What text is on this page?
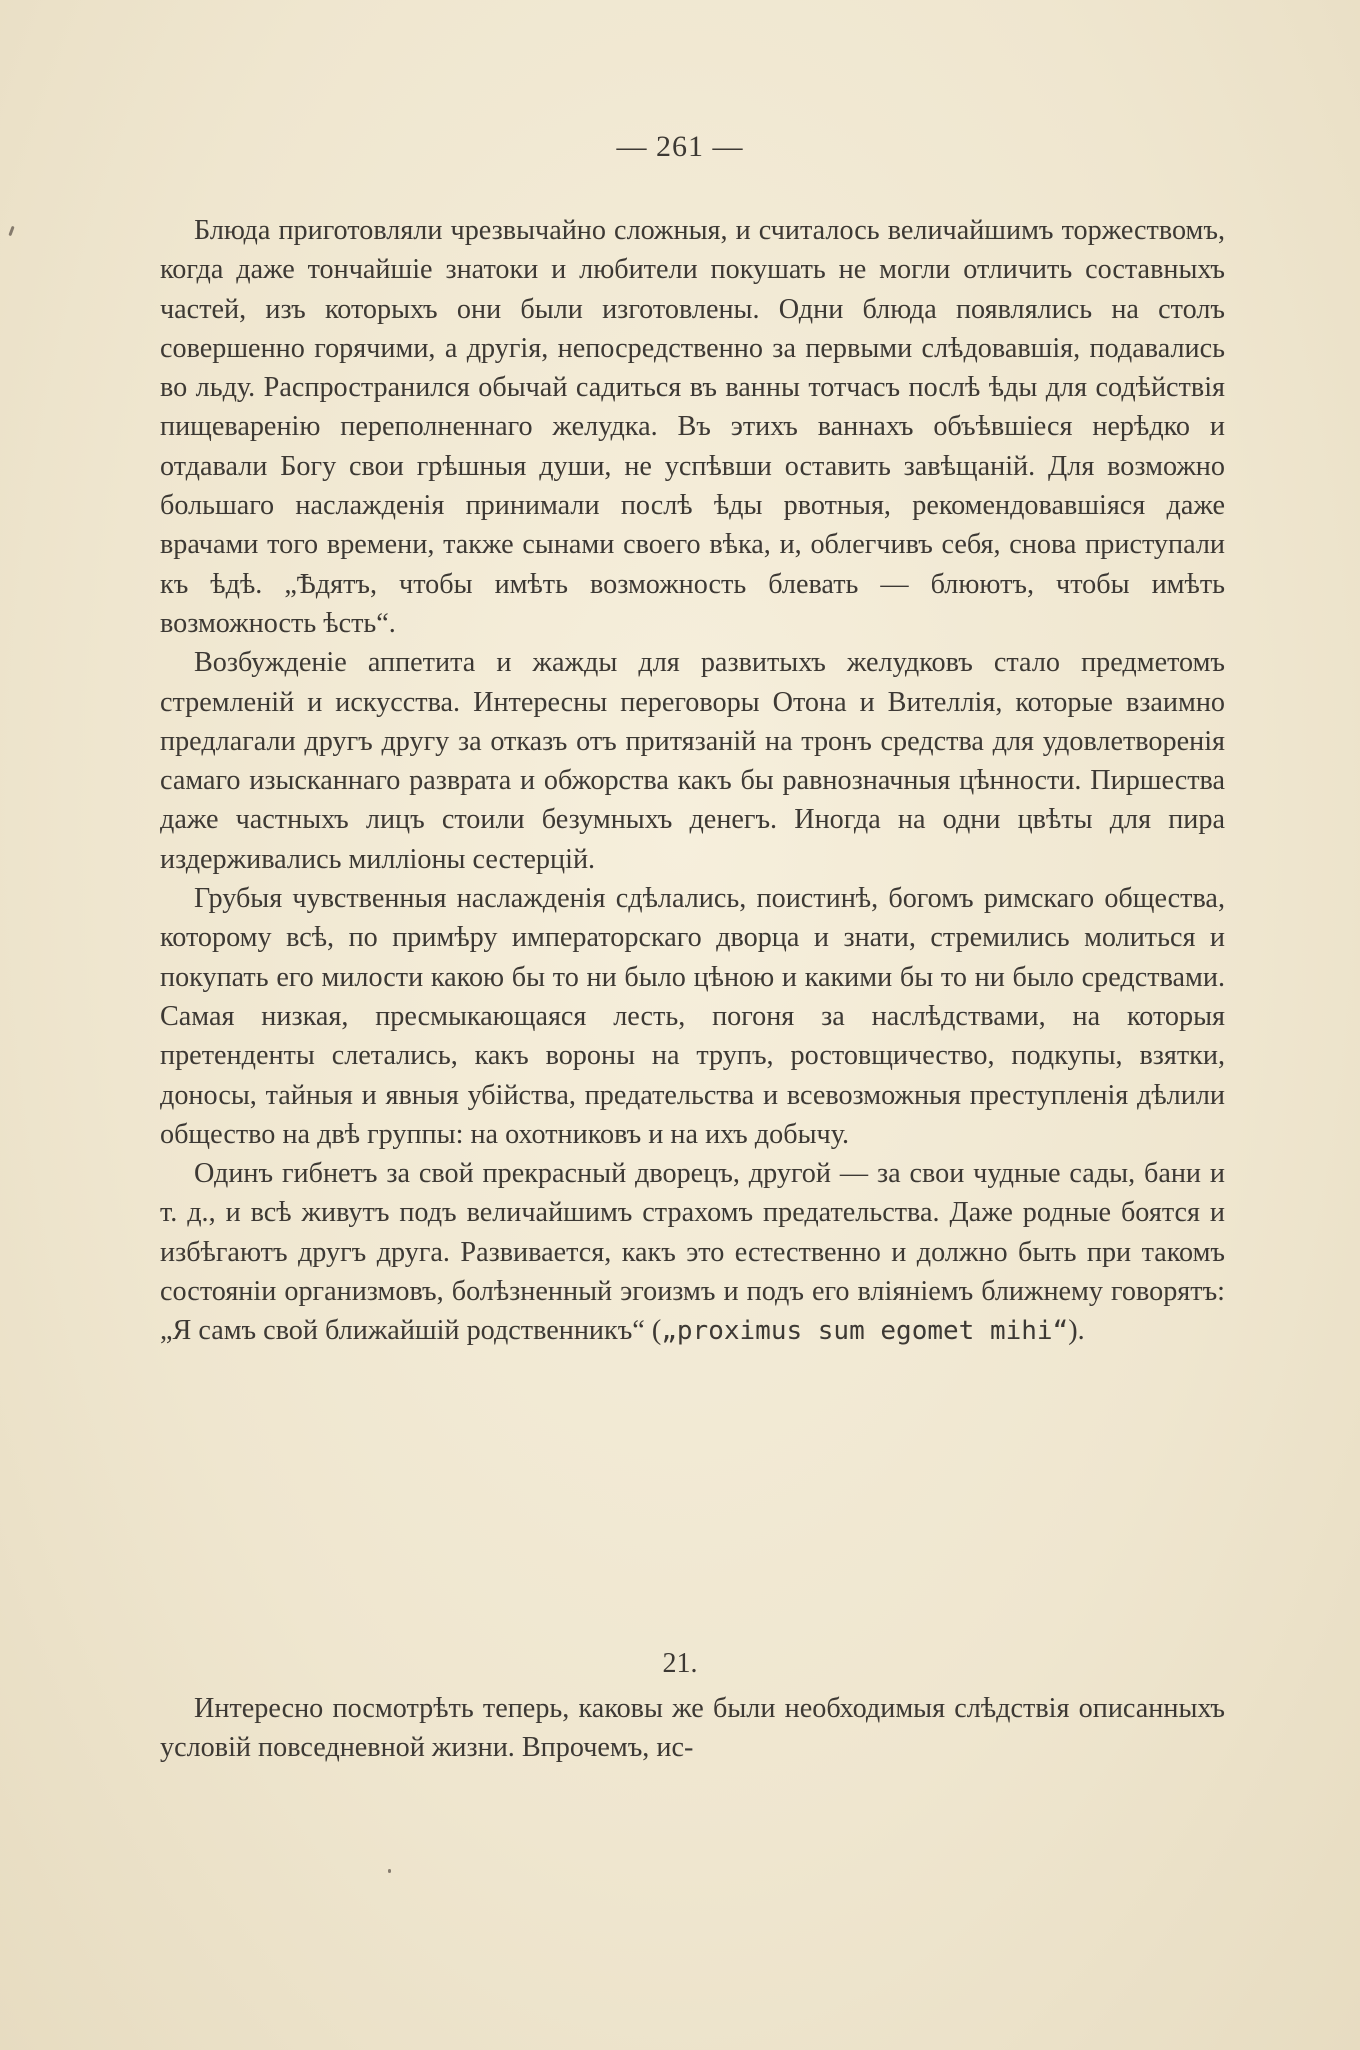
— 261 —

Блюда приготовляли чрезвычайно сложныя, и считалось величайшимъ торжествомъ, когда даже тончайшіе знатоки и любители покушать не могли отличить составныхъ частей, изъ которыхъ они были изготовлены. Одни блюда появлялись на столъ совершенно горячими, а другія, непосредственно за первыми слѣдовавшія, подавались во льду. Распространился обычай садиться въ ванны тотчасъ послѣ ѣды для содѣйствія пищеваренію переполненнаго желудка. Въ этихъ ваннахъ объѣвшіеся нерѣдко и отдавали Богу свои грѣшныя души, не успѣвши оставить завѣщаній. Для возможно большаго наслажденія принимали послѣ ѣды рвотныя, рекомендовавшіяся даже врачами того времени, также сынами своего вѣка, и, облегчивъ себя, снова приступали къ ѣдѣ. „Ѣдятъ, чтобы имѣть возможность блевать — блюютъ, чтобы имѣть возможность ѣсть“.

Возбужденіе аппетита и жажды для развитыхъ желудковъ стало предметомъ стремленій и искусства. Интересны переговоры Отона и Вителлія, которые взаимно предлагали другъ другу за отказъ отъ притязаній на тронъ средства для удовлетворенія самаго изысканнаго разврата и обжорства какъ бы равнозначныя цѣнности. Пиршества даже частныхъ лицъ стоили безумныхъ денегъ. Иногда на одни цвѣты для пира издерживались милліоны сестерцій.

Грубыя чувственныя наслажденія сдѣлались, поистинѣ, богомъ римскаго общества, которому всѣ, по примѣру императорскаго дворца и знати, стремились молиться и покупать его милости какою бы то ни было цѣною и какими бы то ни было средствами. Самая низкая, пресмыкающаяся лесть, погоня за наслѣдствами, на которыя претенденты слетались, какъ вороны на трупъ, ростовщичество, подкупы, взятки, доносы, тайныя и явныя убійства, предательства и всевозможныя преступленія дѣлили общество на двѣ группы: на охотниковъ и на ихъ добычу.

Одинъ гибнетъ за свой прекрасный дворецъ, другой — за свои чудные сады, бани и т. д., и всѣ живутъ подъ величайшимъ страхомъ предательства. Даже родные боятся и избѣгаютъ другъ друга. Развивается, какъ это естественно и должно быть при такомъ состояніи организмовъ, болѣзненный эгоизмъ и подъ его вліяніемъ ближнему говорятъ: „Я самъ свой ближайшій родственникъ“ („proximus sum egomet mihi“).

21.

Интересно посмотрѣть теперь, каковы же были необходимыя слѣдствія описанныхъ условій повседневной жизни. Впрочемъ, ис-
